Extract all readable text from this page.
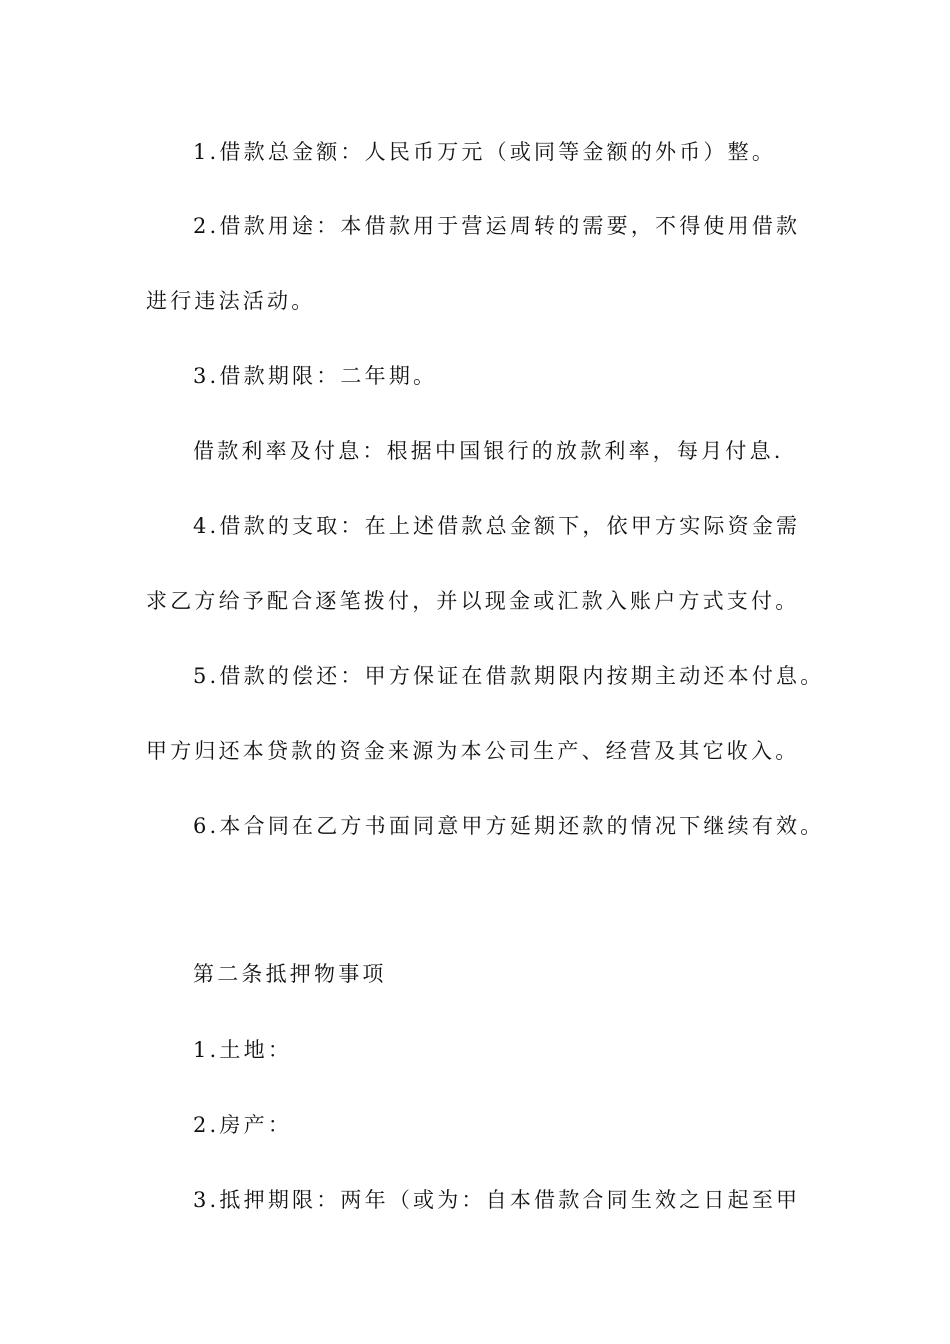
1.借款总金额：人民币万元（或同等金额的外币）整。
2.借款用途：本借款用于营运周转的需要，不得使用借款
进行违法活动。
3.借款期限：二年期。
借款利率及付息：根据中国银行的放款利率，每月付息.
4.借款的支取：在上述借款总金额下，依甲方实际资金需
求乙方给予配合逐笔拨付，并以现金或汇款入账户方式支付。
5.借款的偿还：甲方保证在借款期限内按期主动还本付息。
甲方归还本贷款的资金来源为本公司生产、经营及其它收入。
6.本合同在乙方书面同意甲方延期还款的情况下继续有效。
第二条抵押物事项
1.土地：
2.房产：
3.抵押期限：两年（或为：自本借款合同生效之日起至甲
